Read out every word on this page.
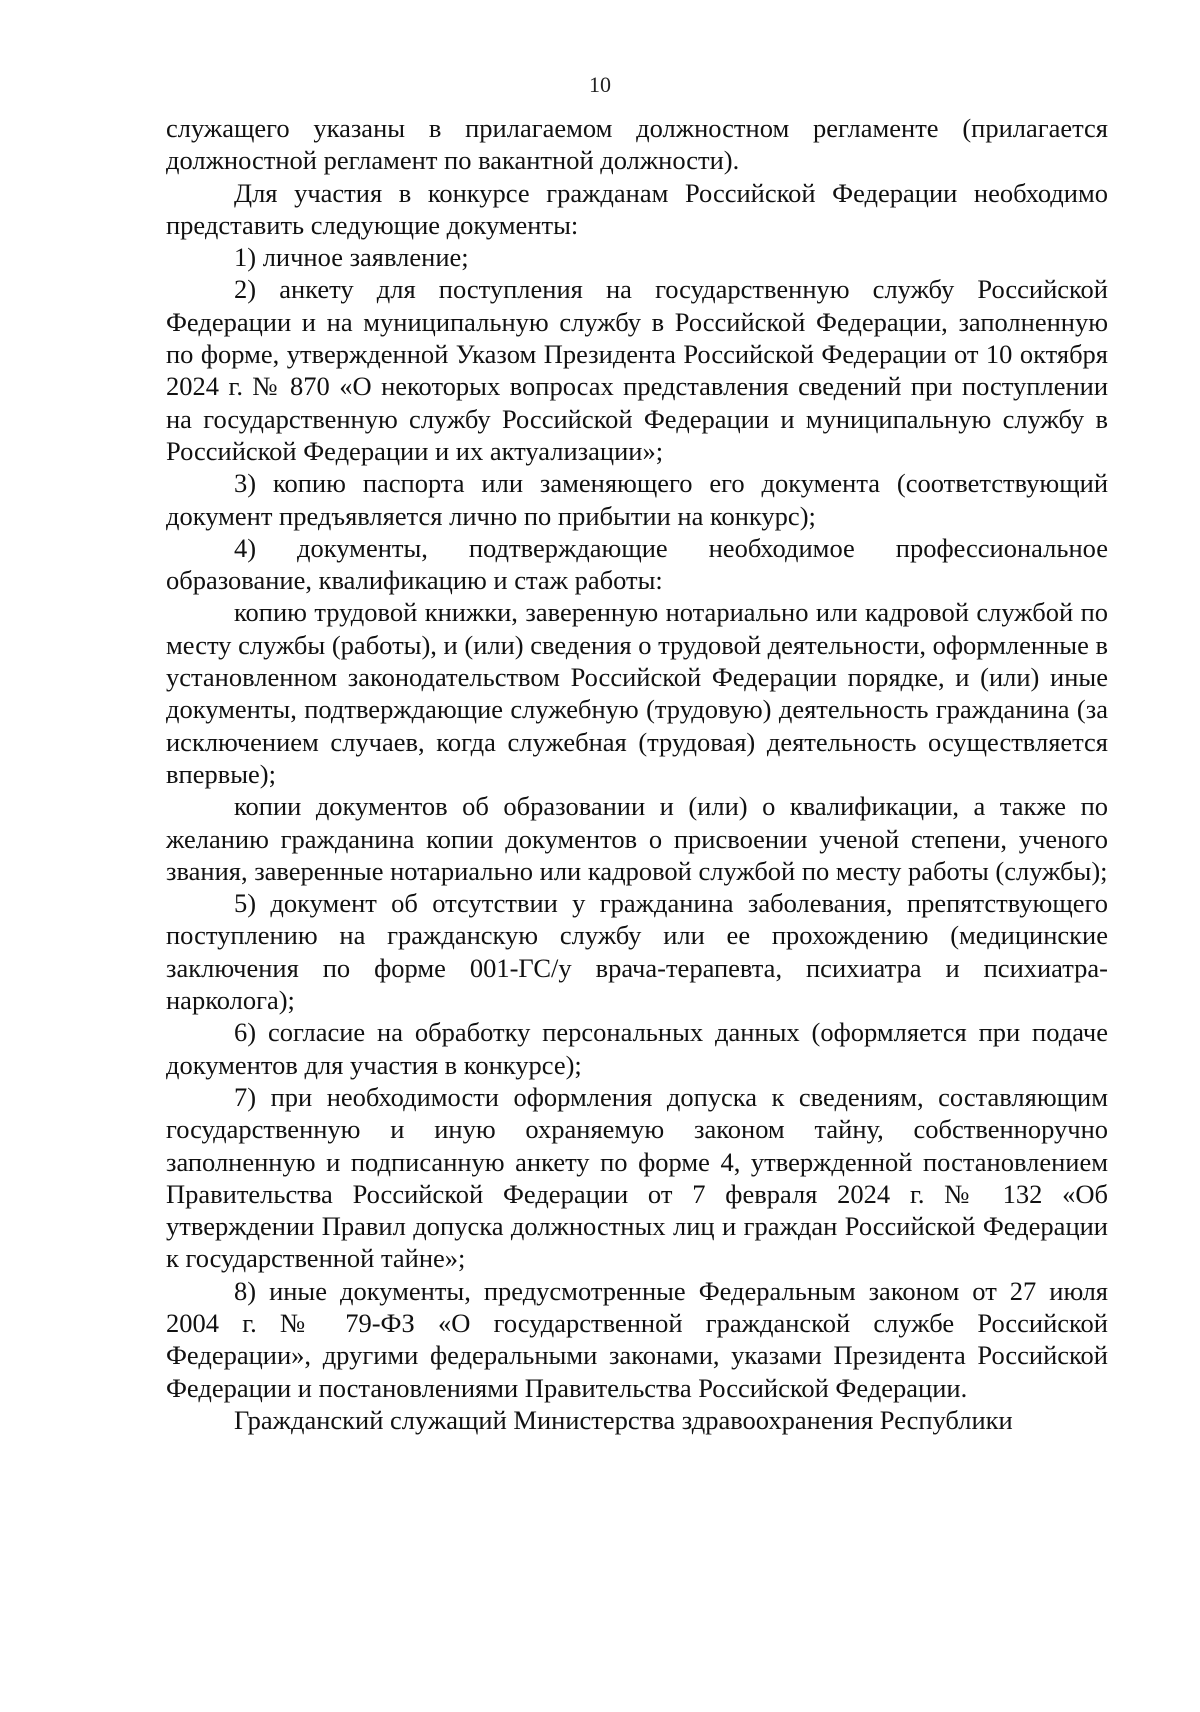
10

служащего указаны в прилагаемом должностном регламенте (прилагается должностной регламент по вакантной должности).

Для участия в конкурсе гражданам Российской Федерации необходимо представить следующие документы:

1) личное заявление;

2) анкету для поступления на государственную службу Российской Федерации и на муниципальную службу в Российской Федерации, заполненную по форме, утвержденной Указом Президента Российской Федерации от 10 октября 2024 г. № 870 «О некоторых вопросах представления сведений при поступлении на государственную службу Российской Федерации и муниципальную службу в Российской Федерации и их актуализации»;

3) копию паспорта или заменяющего его документа (соответствующий документ предъявляется лично по прибытии на конкурс);

4) документы, подтверждающие необходимое профессиональное образование, квалификацию и стаж работы:

копию трудовой книжки, заверенную нотариально или кадровой службой по месту службы (работы), и (или) сведения о трудовой деятельности, оформленные в установленном законодательством Российской Федерации порядке, и (или) иные документы, подтверждающие служебную (трудовую) деятельность гражданина (за исключением случаев, когда служебная (трудовая) деятельность осуществляется впервые);

копии документов об образовании и (или) о квалификации, а также по желанию гражданина копии документов о присвоении ученой степени, ученого звания, заверенные нотариально или кадровой службой по месту работы (службы);

5) документ об отсутствии у гражданина заболевания, препятствующего поступлению на гражданскую службу или ее прохождению (медицинские заключения по форме 001-ГС/у врача-терапевта, психиатра и психиатра-нарколога);

6) согласие на обработку персональных данных (оформляется при подаче документов для участия в конкурсе);

7) при необходимости оформления допуска к сведениям, составляющим государственную и иную охраняемую законом тайну, собственноручно заполненную и подписанную анкету по форме 4, утвержденной постановлением Правительства Российской Федерации от 7 февраля 2024 г. № 132 «Об утверждении Правил допуска должностных лиц и граждан Российской Федерации к государственной тайне»;

8) иные документы, предусмотренные Федеральным законом от 27 июля 2004 г. № 79-ФЗ «О государственной гражданской службе Российской Федерации», другими федеральными законами, указами Президента Российской Федерации и постановлениями Правительства Российской Федерации.

Гражданский служащий Министерства здравоохранения Республики
